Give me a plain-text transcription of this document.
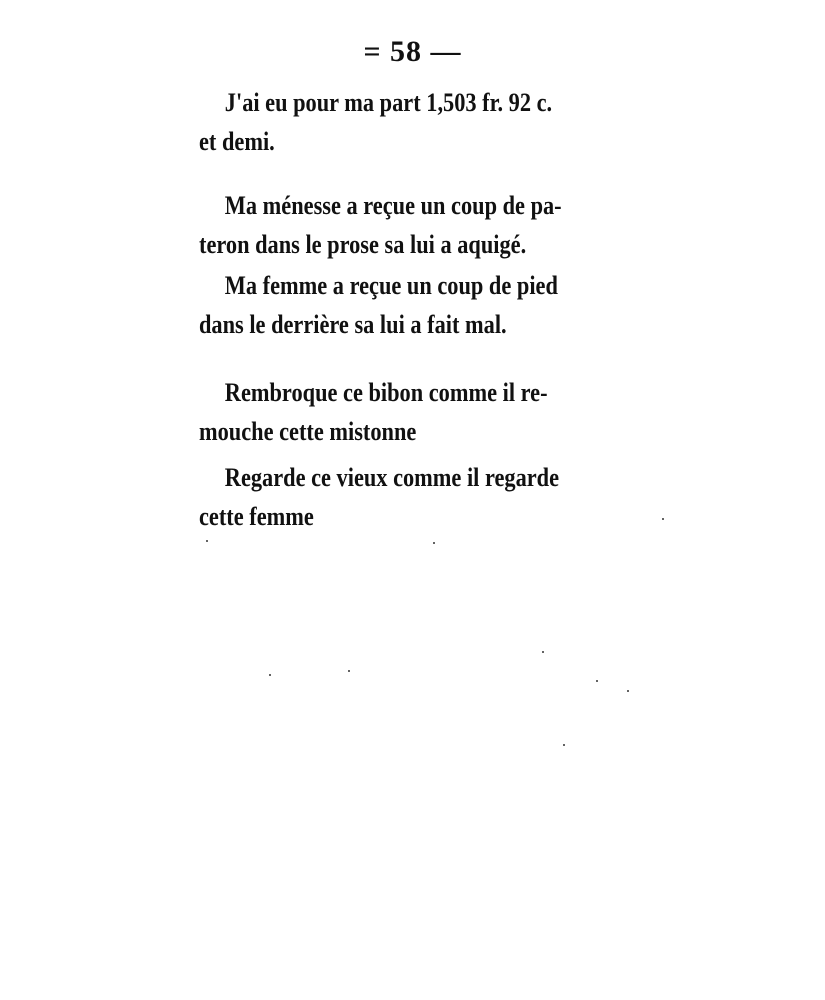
= 58 —
J'ai eu pour ma part 1,503 fr. 92 c.
et demi.
Ma ménesse a reçue un coup de pa-
teron dans le prose sa lui a aquigé.
Ma femme a reçue un coup de pied
dans le derrière sa lui a fait mal.
Rembroque ce bibon comme il re-
mouche cette mistonne
Regarde ce vieux comme il regarde
cette femme
